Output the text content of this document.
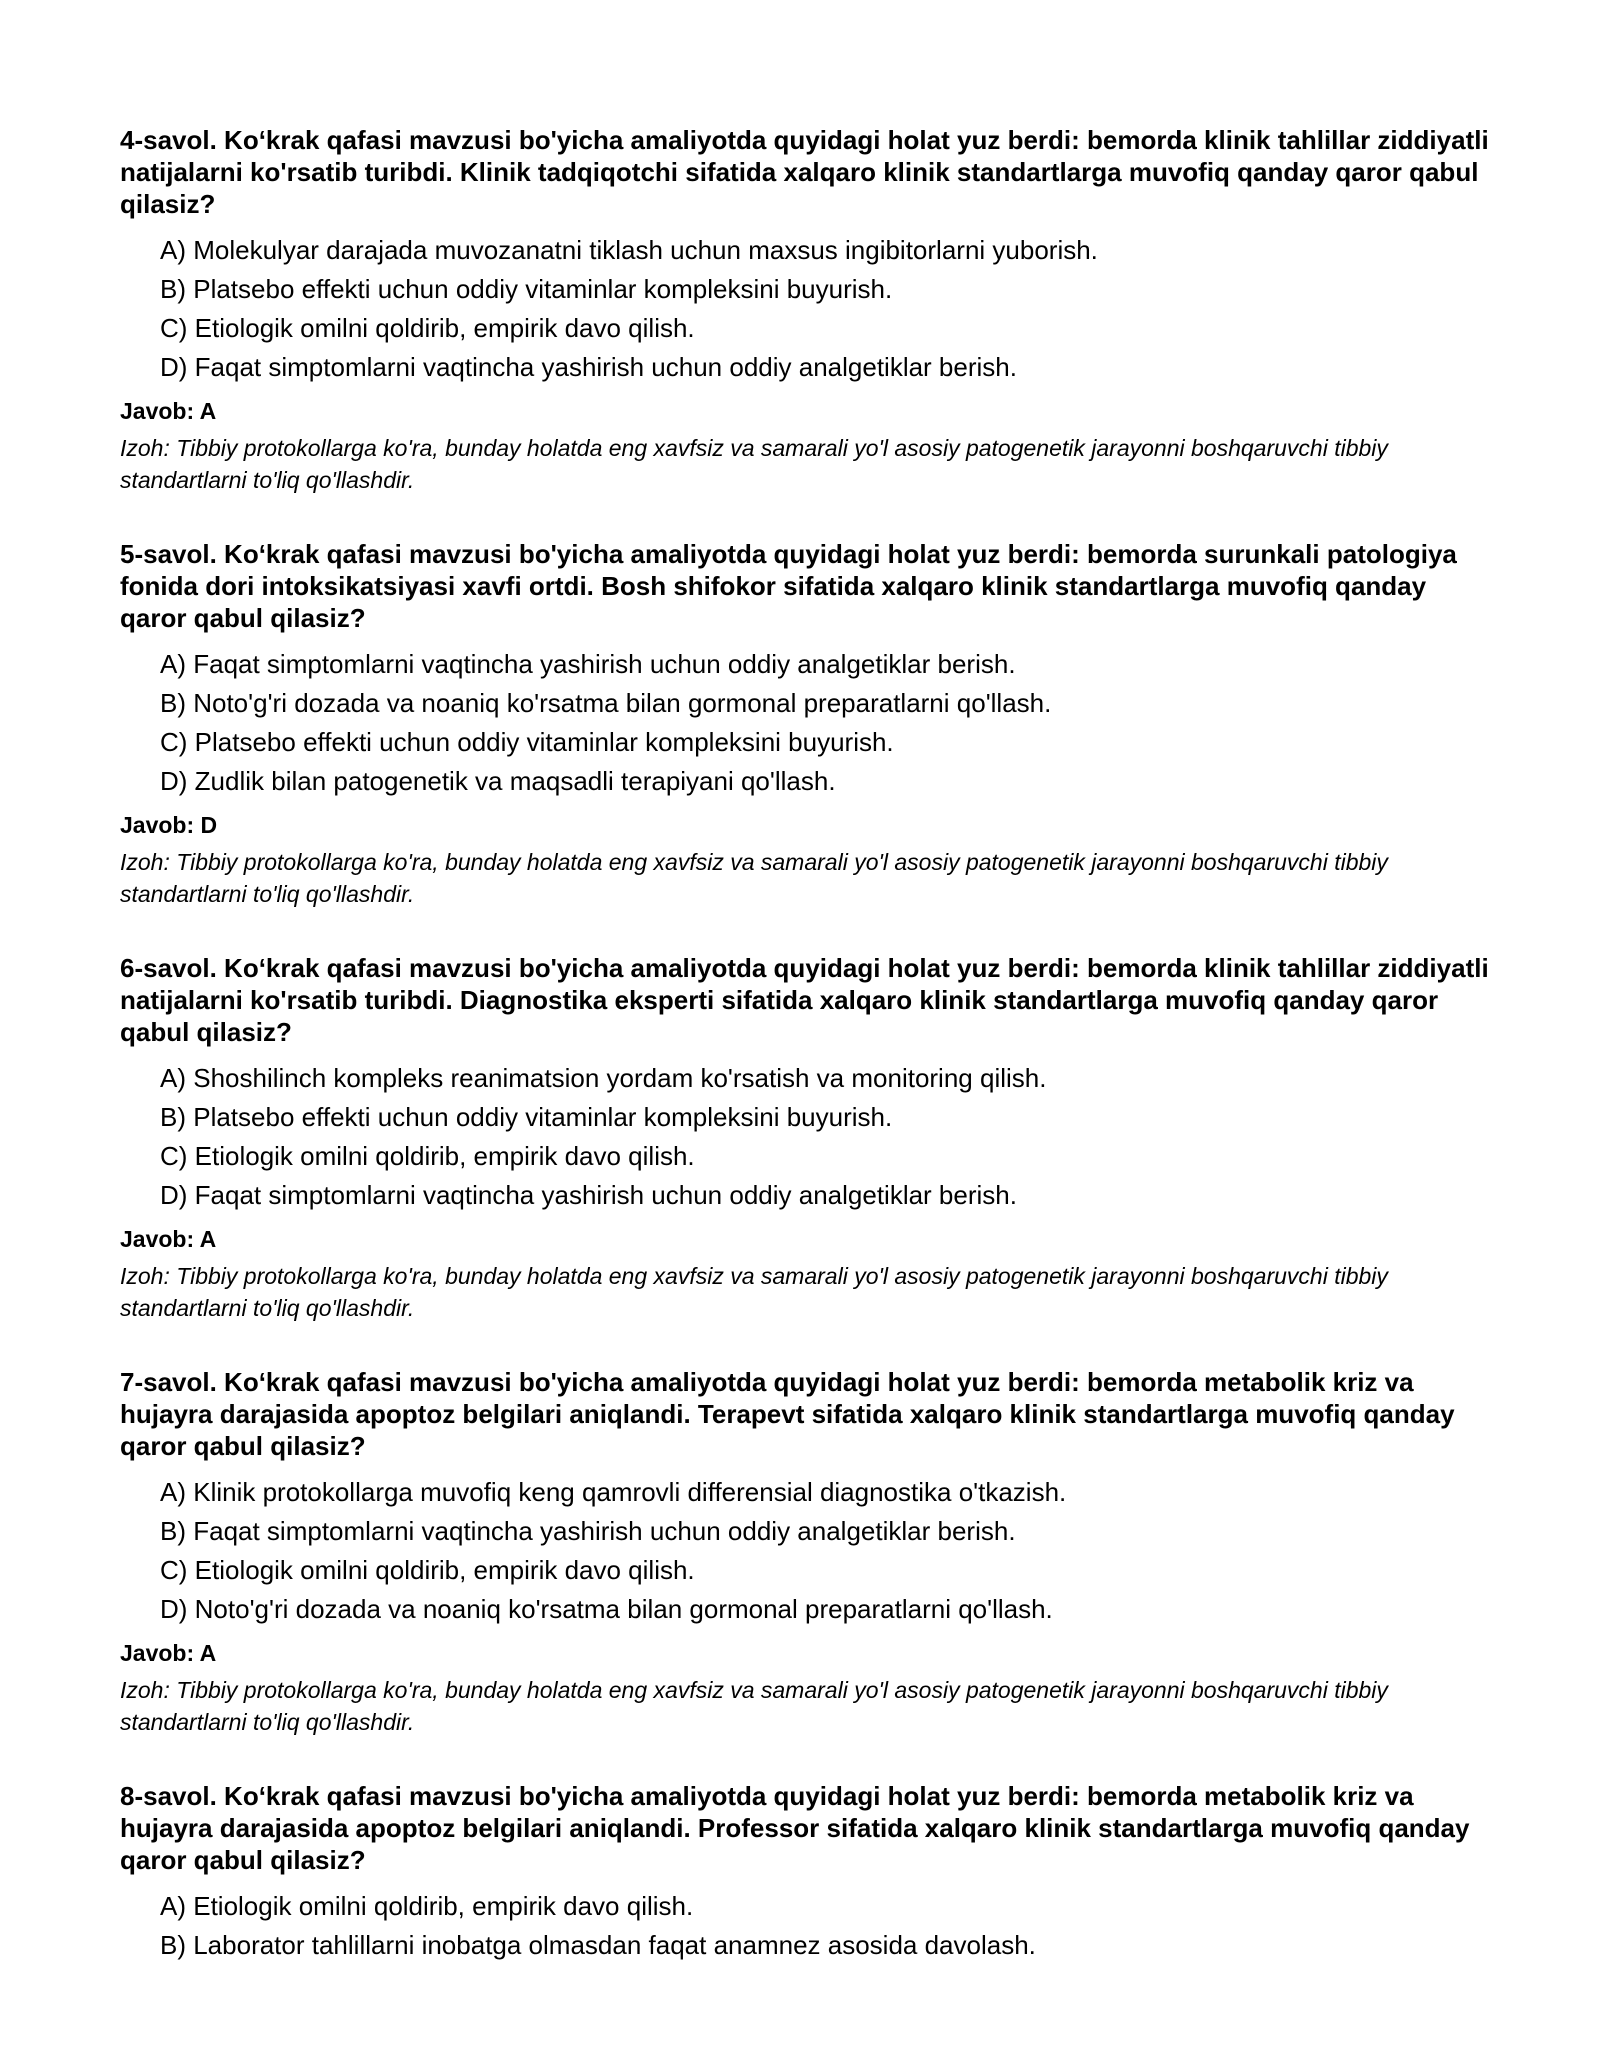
4-savol. Ko‘krak qafasi mavzusi bo'yicha amaliyotda quyidagi holat yuz berdi: bemorda klinik tahlillar ziddiyatli natijalarni ko'rsatib turibdi. Klinik tadqiqotchi sifatida xalqaro klinik standartlarga muvofiq qanday qaror qabul qilasiz?

A) Molekulyar darajada muvozanatni tiklash uchun maxsus ingibitorlarni yuborish.
B) Platsebo effekti uchun oddiy vitaminlar kompleksini buyurish.
C) Etiologik omilni qoldirib, empirik davo qilish.
D) Faqat simptomlarni vaqtincha yashirish uchun oddiy analgetiklar berish.

Javob: A

Izoh: Tibbiy protokollarga ko'ra, bunday holatda eng xavfsiz va samarali yo'l asosiy patogenetik jarayonni boshqaruvchi tibbiy standartlarni to'liq qo'llashdir.

5-savol. Ko‘krak qafasi mavzusi bo'yicha amaliyotda quyidagi holat yuz berdi: bemorda surunkali patologiya fonida dori intoksikatsiyasi xavfi ortdi. Bosh shifokor sifatida xalqaro klinik standartlarga muvofiq qanday qaror qabul qilasiz?

A) Faqat simptomlarni vaqtincha yashirish uchun oddiy analgetiklar berish.
B) Noto'g'ri dozada va noaniq ko'rsatma bilan gormonal preparatlarni qo'llash.
C) Platsebo effekti uchun oddiy vitaminlar kompleksini buyurish.
D) Zudlik bilan patogenetik va maqsadli terapiyani qo'llash.

Javob: D

Izoh: Tibbiy protokollarga ko'ra, bunday holatda eng xavfsiz va samarali yo'l asosiy patogenetik jarayonni boshqaruvchi tibbiy standartlarni to'liq qo'llashdir.

6-savol. Ko‘krak qafasi mavzusi bo'yicha amaliyotda quyidagi holat yuz berdi: bemorda klinik tahlillar ziddiyatli natijalarni ko'rsatib turibdi. Diagnostika eksperti sifatida xalqaro klinik standartlarga muvofiq qanday qaror qabul qilasiz?

A) Shoshilinch kompleks reanimatsion yordam ko'rsatish va monitoring qilish.
B) Platsebo effekti uchun oddiy vitaminlar kompleksini buyurish.
C) Etiologik omilni qoldirib, empirik davo qilish.
D) Faqat simptomlarni vaqtincha yashirish uchun oddiy analgetiklar berish.

Javob: A

Izoh: Tibbiy protokollarga ko'ra, bunday holatda eng xavfsiz va samarali yo'l asosiy patogenetik jarayonni boshqaruvchi tibbiy standartlarni to'liq qo'llashdir.

7-savol. Ko‘krak qafasi mavzusi bo'yicha amaliyotda quyidagi holat yuz berdi: bemorda metabolik kriz va hujayra darajasida apoptoz belgilari aniqlandi. Terapevt sifatida xalqaro klinik standartlarga muvofiq qanday qaror qabul qilasiz?

A) Klinik protokollarga muvofiq keng qamrovli differensial diagnostika o'tkazish.
B) Faqat simptomlarni vaqtincha yashirish uchun oddiy analgetiklar berish.
C) Etiologik omilni qoldirib, empirik davo qilish.
D) Noto'g'ri dozada va noaniq ko'rsatma bilan gormonal preparatlarni qo'llash.

Javob: A

Izoh: Tibbiy protokollarga ko'ra, bunday holatda eng xavfsiz va samarali yo'l asosiy patogenetik jarayonni boshqaruvchi tibbiy standartlarni to'liq qo'llashdir.

8-savol. Ko‘krak qafasi mavzusi bo'yicha amaliyotda quyidagi holat yuz berdi: bemorda metabolik kriz va hujayra darajasida apoptoz belgilari aniqlandi. Professor sifatida xalqaro klinik standartlarga muvofiq qanday qaror qabul qilasiz?

A) Etiologik omilni qoldirib, empirik davo qilish.
B) Laborator tahlillarni inobatga olmasdan faqat anamnez asosida davolash.
